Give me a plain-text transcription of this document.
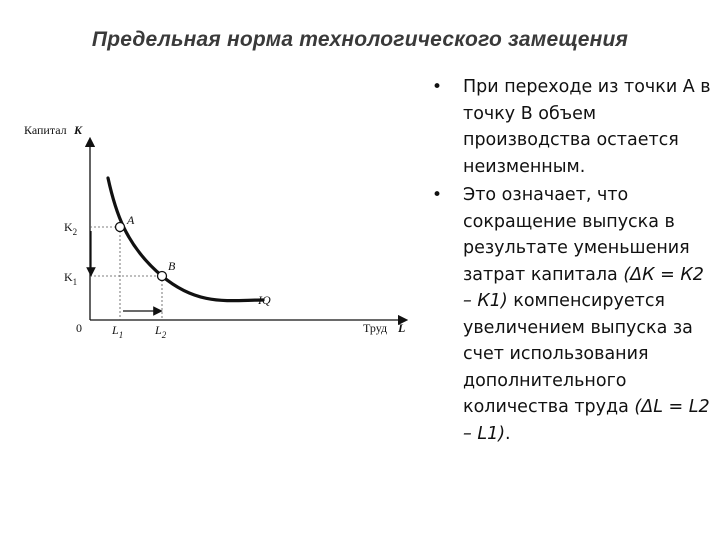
Предельная норма технологического замещения
Капитал K
Труд L
0
A
B
IQ
$K_2$
$K_1$
$L_1$	$L_2$
• При переходе из точки A в точку B объем производства остается неизменным.
• Это означает, что сокращение выпуска в результате уменьшения затрат капитала (ΔК = К2 – К1) компенсируется увеличением выпуска за счет использования дополнительного количества труда (ΔL = L2 – L1).
